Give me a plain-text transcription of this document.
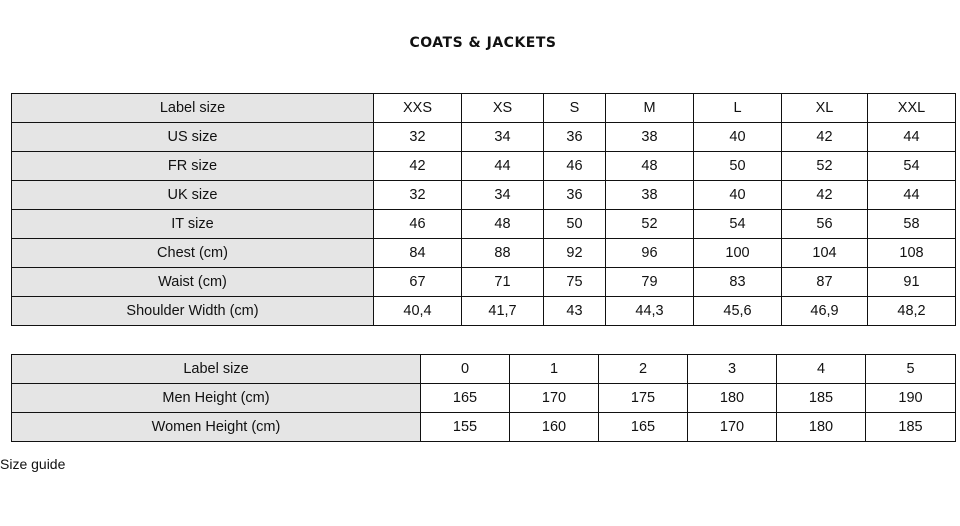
COATS & JACKETS
Label size	XXS	XS	S	M	L	XL	XXL
US size	32	34	36	38	40	42	44
FR size	42	44	46	48	50	52	54
UK size	32	34	36	38	40	42	44
IT size	46	48	50	52	54	56	58
Chest (cm)	84	88	92	96	100	104	108
Waist (cm)	67	71	75	79	83	87	91
Shoulder Width (cm)	40,4	41,7	43	44,3	45,6	46,9	48,2
Label size	0	1	2	3	4	5
Men Height (cm)	165	170	175	180	185	190
Women Height (cm)	155	160	165	170	180	185
Size guide
